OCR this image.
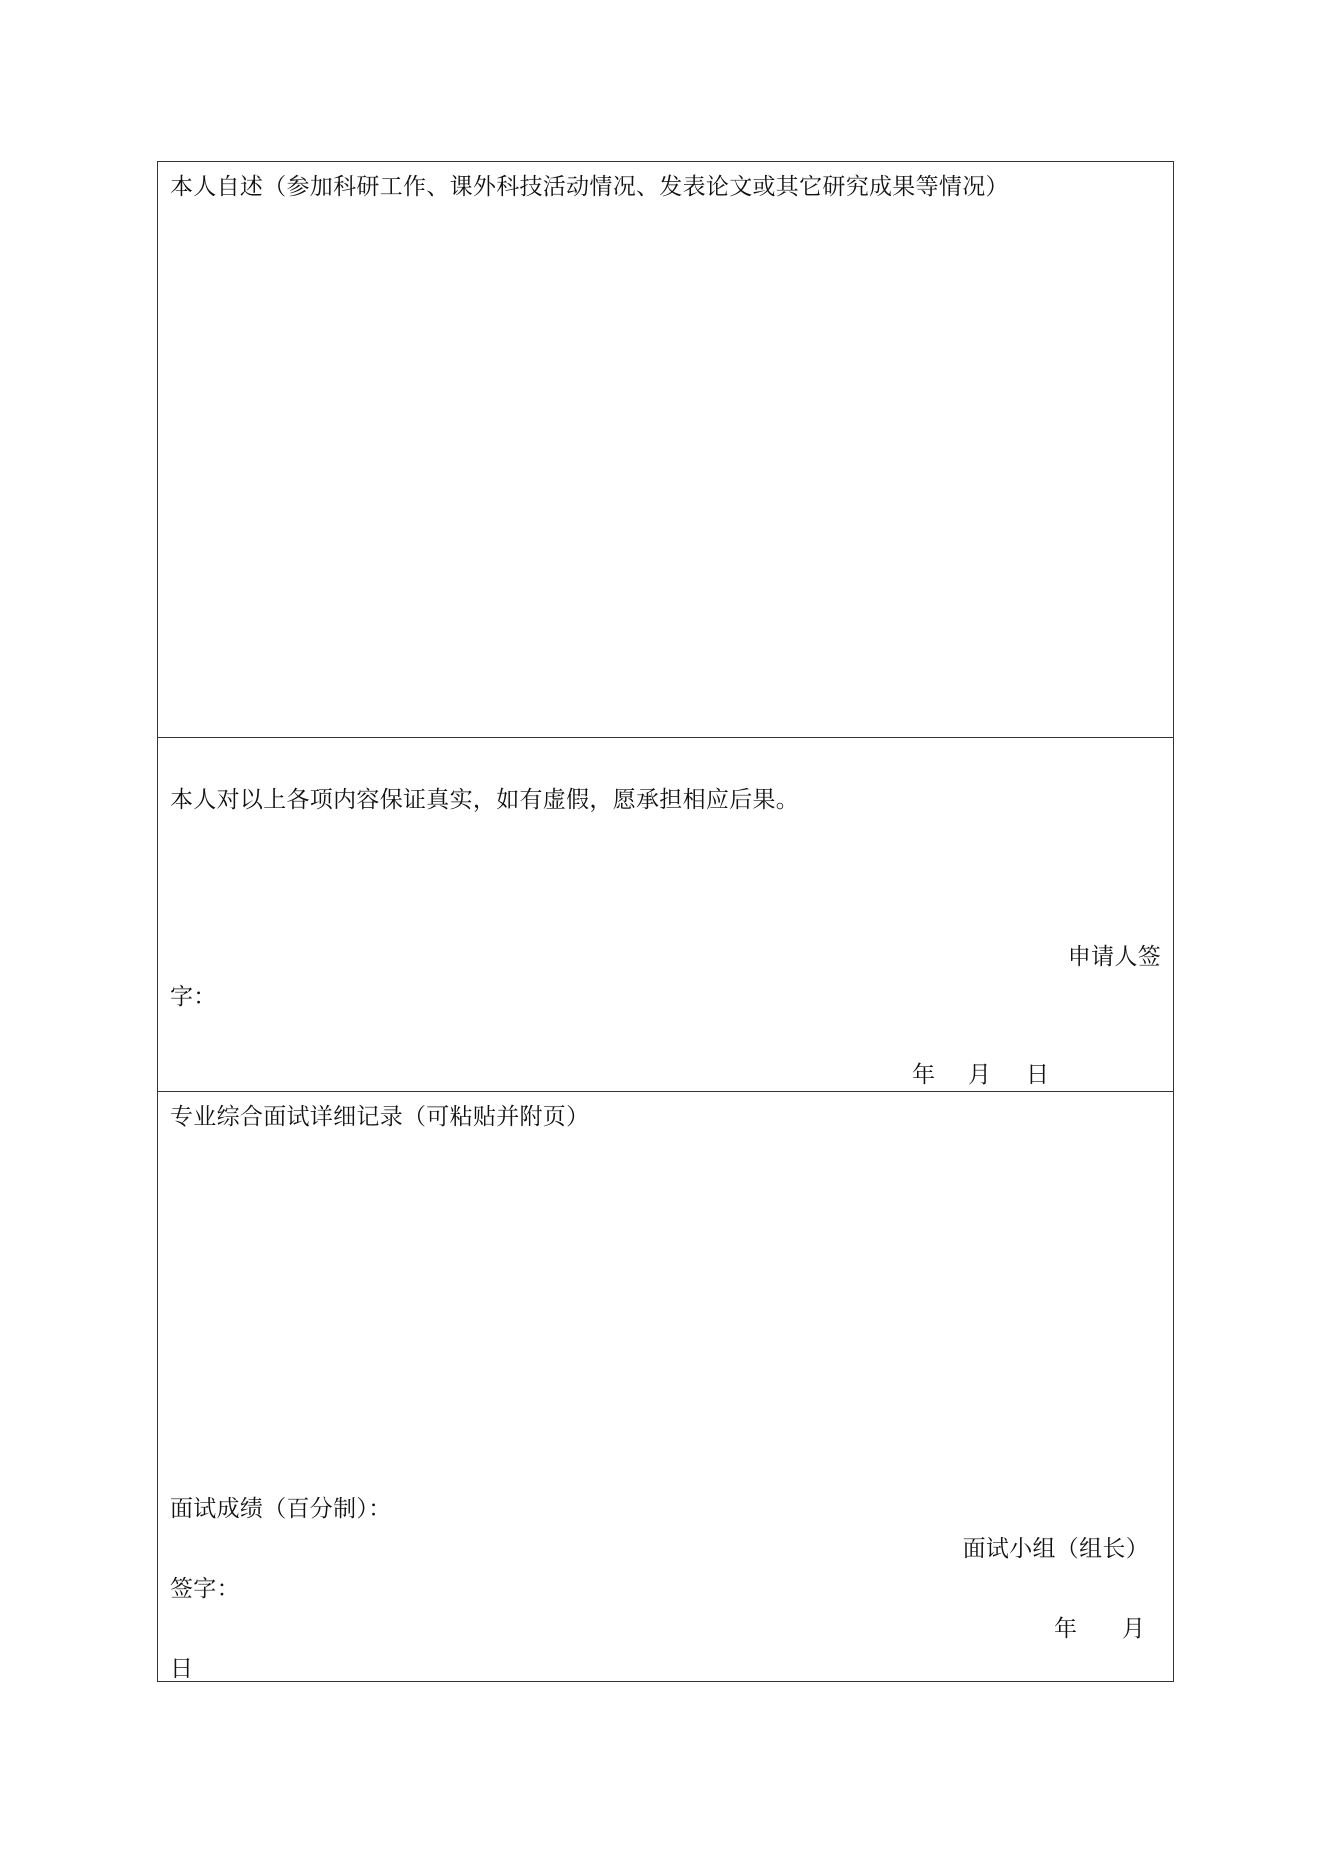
本人自述（参加科研工作、课外科技活动情况、发表论文或其它研究成果等情况）
本人对以上各项内容保证真实，如有虚假，愿承担相应后果。
申请人签
字：
年 月 日
专业综合面试详细记录（可粘贴并附页）
面试成绩（百分制）：
面试小组（组长）
签字：
年 月
日
